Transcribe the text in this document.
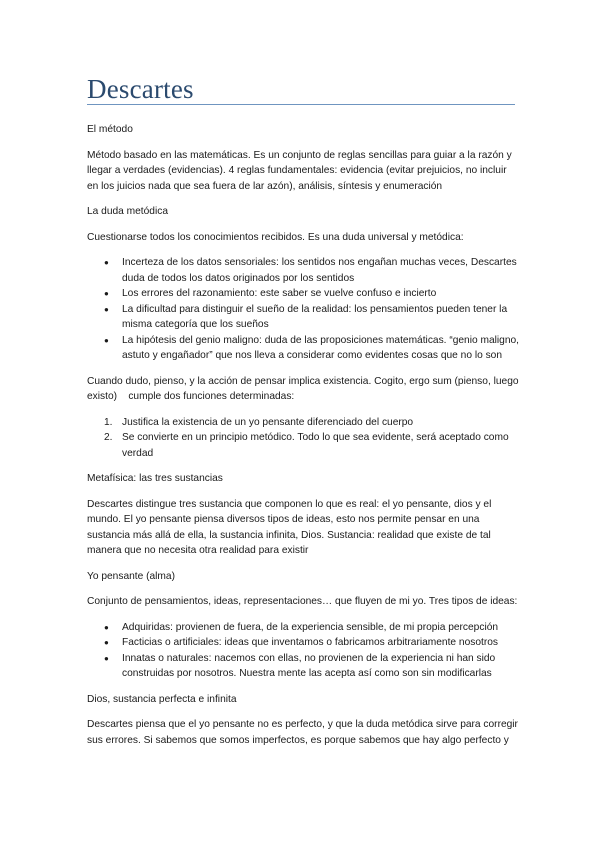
Descartes

El método

Método basado en las matemáticas. Es un conjunto de reglas sencillas para guiar a la razón y llegar a verdades (evidencias). 4 reglas fundamentales: evidencia (evitar prejuicios, no incluir en los juicios nada que sea fuera de lar azón), análisis, síntesis y enumeración

La duda metódica

Cuestionarse todos los conocimientos recibidos. Es una duda universal y metódica:

● Incerteza de los datos sensoriales: los sentidos nos engañan muchas veces, Descartes duda de todos los datos originados por los sentidos
● Los errores del razonamiento: este saber se vuelve confuso e incierto
● La dificultad para distinguir el sueño de la realidad: los pensamientos pueden tener la misma categoría que los sueños
● La hipótesis del genio maligno: duda de las proposiciones matemáticas. “genio maligno, astuto y engañador” que nos lleva a considerar como evidentes cosas que no lo son

Cuando dudo, pienso, y la acción de pensar implica existencia. Cogito, ergo sum (pienso, luego existo)    cumple dos funciones determinadas:

1. Justifica la existencia de un yo pensante diferenciado del cuerpo
2. Se convierte en un principio metódico. Todo lo que sea evidente, será aceptado como verdad

Metafísica: las tres sustancias

Descartes distingue tres sustancia que componen lo que es real: el yo pensante, dios y el mundo. El yo pensante piensa diversos tipos de ideas, esto nos permite pensar en una sustancia más allá de ella, la sustancia infinita, Dios. Sustancia: realidad que existe de tal manera que no necesita otra realidad para existir

Yo pensante (alma)

Conjunto de pensamientos, ideas, representaciones… que fluyen de mi yo. Tres tipos de ideas:

● Adquiridas: provienen de fuera, de la experiencia sensible, de mi propia percepción
● Facticias o artificiales: ideas que inventamos o fabricamos arbitrariamente nosotros
● Innatas o naturales: nacemos con ellas, no provienen de la experiencia ni han sido construidas por nosotros. Nuestra mente las acepta así como son sin modificarlas

Dios, sustancia perfecta e infinita

Descartes piensa que el yo pensante no es perfecto, y que la duda metódica sirve para corregir sus errores. Si sabemos que somos imperfectos, es porque sabemos que hay algo perfecto y
